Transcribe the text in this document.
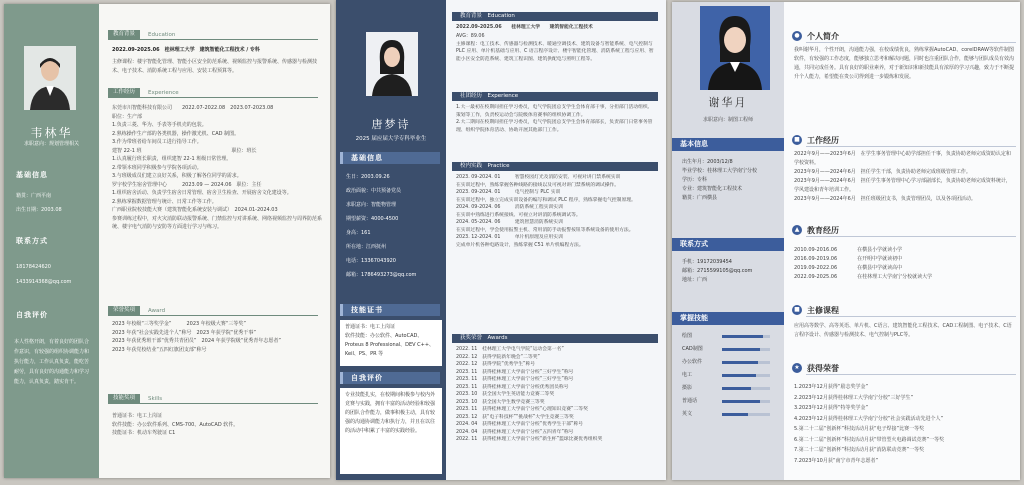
韦林华
求职意向：规划管理相关
基础信息
籍贯：广西平南
出生日期：2003.08
联系方式
18178424620
1433914368@qq.com
自我评价
本人性格开朗，有着良好的团队合作意识，有较强的组织协调能力和执行能力，工作认真负责，能吃苦耐劳，具有良好的沟通能力和学习能力，认真负责，踏实肯干。
教育背景	Education
2022.09-2025.06　桂林理工大学　建筑智能化工程技术 / 专科
主修课程：楼宇智能化管理、智能小区安全防范系统、视频监控与报警系统、传感器与检测技术、电子技术、消防系统工程与应用、安装工程预算等。
工作经历	Experience
东莞市川智能科技有限公司　　2022.07-2022.08　2023.07-2023.08
职位：生产部
1.负责三菱、华为、手表等手机壳的包装。
2.熟练操作生产部的各类机器，操作激光机、CAD 制图。
3.作为带班者给车间员工进行指导工作。
建智 22-1 班　　　　　　　　　　　　　　　　　　职位：班长
1.认真履行班长职责，组织建智 22-1 班级日常管理。
2.带领本班同学积极参与学院各项活动。
3.与班级成员们建立良好关系，积极了解各位同学的需求。
罗宇校学生宿舍管理中心　　　2023.09 — 2024.06　职位：主任
1.组织宿舍活动、负责学生宿舍日常管理、宿舍卫生检查、开展宿舍文化建设等。
2.熟练掌握数据管理与统计、日常工作等工作。
广西职业院校技能大赛（建筑智能化系统安装与调试）　2024.01-2024.03
参赛训练过程中，对火灾消防联动报警系统、门禁监控与对讲系统、网络视频监控与周界防范系统、楼宇电气消防与安防等方面进行学习与练习。
荣誉奖项	Award
2023 年校级“三等奖学金”　　　2023 年校级大赛“三等奖”
2023 年获“社会实践先进个人”称号　2023 年获学院“优秀干事”
2023 年获优秀班干部“优秀共青团员”　2024 年获学院级“优秀青年志愿者”
2023 年获党校结业“五四红旗团支部”称号
技能奖项	Skills
普通证书：电工上岗证
软件技能：办公软件系列、CMS-700、AutoCAD 软件。
技能证书：机动车驾驶证 C1
唐梦诗
2025 届应届大学专科毕业生
基础信息
生日：2003.09.26
政治面貌：中共预备党员
求职意向：智能物管理
期望薪资：4000-4500
身高：161
所在地：江西抚州
电话：13367043920
邮箱：1786493273@qq.com
技能证书
普通证书：电工上岗证
软件技能：办公软件、AutoCAD、Proteus 8 Professional、DEV C++、Keil、PS、PR 等
自我评价
专业技能扎实，在校期间积极参与校内外竞赛与实践，拥有丰富的活动经验和较强的团队合作能力，做事积极主动，具有较强的沟通协调能力和执行力，并且在以往的活动中积累了丰富的实践经验。
教育背景　Education
2022.09-2025.06　　桂林理工大学　　建筑智能化工程技术
AVG：89.06
主修课程：电工技术、传感器与检测技术、暖通空调技术、建筑设备与智能系统、电气控制与 PLC 应用、单片机基础与应用、C 语言程序设计、楼宇智能化管理、消防系统工程与应用、智能小区安全防范系统、建筑工程识图、建筑供配电与照明工程等。
社团经历　Experience
1.大一最初在校期间担任学习委员，电气学院团总支学生会体育部干事，分担部门活动组织、策划等工作，负责校运动会与院级体育赛事的组织协调工作。
2.大二期间在校期间担任学习委员，电气学院团总支学生会体育部部长，负责部门日常事务管理、组织学院体育活动、协助开展其他部门工作。
校内实践　Practice
2023. 09-2024. 01　　　智慧校园灯光及消防安装、可视对讲门禁系统实训
在实训过程中，熟练掌握各种线路的接线以及可视对讲门禁系统的调试操作。
2023. 09-2024. 01　　　电气控制与 PLC 实训
在实训过程中，独立完成实训设备的编写和调试 PLC 程序，熟练掌握电气控制原理。
2024. 09-2024. 06　　　消防系统工程实训实训
在实训中熟练进行系统接线、可视立对讲消防系统调试等。
2024. 05-2024. 06　　　建筑智慧消防系统实训
在实训过程中，学会使用报警主机、常用消防手动报警按钮等系统设备的使用方法。
2023. 12-2024. 01　　　单片机原理及应用实训
完成单片机各种电路设计，熟练掌握 C51 单片机编程方法。
获奖荣誉　Awards
2022. 11　桂林理工大学电气学院“运动会第一名”
2022. 12　获得学院新年晚会“二等奖”
2022. 12　获得学院“优秀学生”称号
2023. 11　获得桂林理工大学南宁分校“三好学生”称号
2023. 11　获得桂林理工大学南宁分校“三好学生”称号
2023. 11　获得桂林理工大学南宁分校优秀团员称号
2023. 10　获全国大学生英语能力竞赛二等奖
2023. 10　获全国大学生数学竞赛三等奖
2023. 11　获得桂林理工大学南宁分校“心理知识竞赛”二等奖
2023. 12　获“电子科技杯”“挑战杯”大学生竞赛三等奖
2024. 04　获得桂林理工大学南宁分校“优秀学生干部”称号
2024. 04　获得桂林理工大学南宁分校“五四青年”称号
2022. 11　获得桂林理工大学南宁分校“新生杯”篮球比赛优秀组织奖
谢华月
求职意向：制图工程师
基本信息
出生年月：2003/12/8
毕业学校：桂林理工大学南宁分校
学历：专科
专业：建筑智能化工程技术
籍贯：广西横县
联系方式
手机：19172039454
邮箱：2715599105@qq.com
地址：广西
掌握技能
绘图
CAD制图
办公软件
电工
摄影
普通话
英文
● 个人简介
我叫谢华月，个性开朗，沟通能力强，在校成绩优良，熟练掌握AutoCAD、coreIDRAW等软件制图软件，有较强的工作态度，能够独立思考和解决问题，同时也注重团队合作，能够与团队成员有效沟通，共同完成任务。具有良好的职业素养，对于新知识和新技能具有浓厚的学习兴趣，致力于不断提升个人能力，希望能在贵公司得到进一步锻炼和发展。
■ 工作经历
2022年9月——2023年6月　在学生事务管理中心助学部担任干事，负责协助老师完成资助认定和学校资料。
2023年9月——2024年6月　担任学生干部，负责协助老师完成班级管理工作。
2023年9月——2024年6月　担任学生事务管理中心学习部副部长，负责协助老师完成资料统计，学风建设和青年培训工作。
2023年9月——2024年6月　担任班级团支书，负责管理团员，以及各项团活动。
▲ 教育经历
2010.09-2016.06　　　　在横县小学就读小学
2016.09-2019.06　　　　在开明中学就读初中
2019.09-2022.06　　　　在横县中学就读高中
2022.09-2025.06　　　　在桂林理工大学南宁分校就读大学
■ 主修课程
应用高等数学、高等英语、单片机、C语言、建筑智能化工程技术、CAD工程制图、电子技术、C语言程序设计、传感器与检测技术、电气控制与PLC等。
★ 获得荣誉
1.2023年12月获得“励志奖学金”
2.2023年12月获得桂林理工大学南宁分校“三好学生”
3.2023年12月获得“特等奖学金”
4.2023年12月获得桂林理工大学南宁分校“社会实践活动先进个人”
5.第二十二届“创新杯”科技活动月获“电子焊接”比赛一等奖
6.第二十二届“创新杯”科技活动月获“带管型火电路调试竞赛”一等奖
7.第二十二届“创新杯”科技活动月获“消防联动竞赛”一等奖
7.2023年10月获“南宁市青年志愿者”
